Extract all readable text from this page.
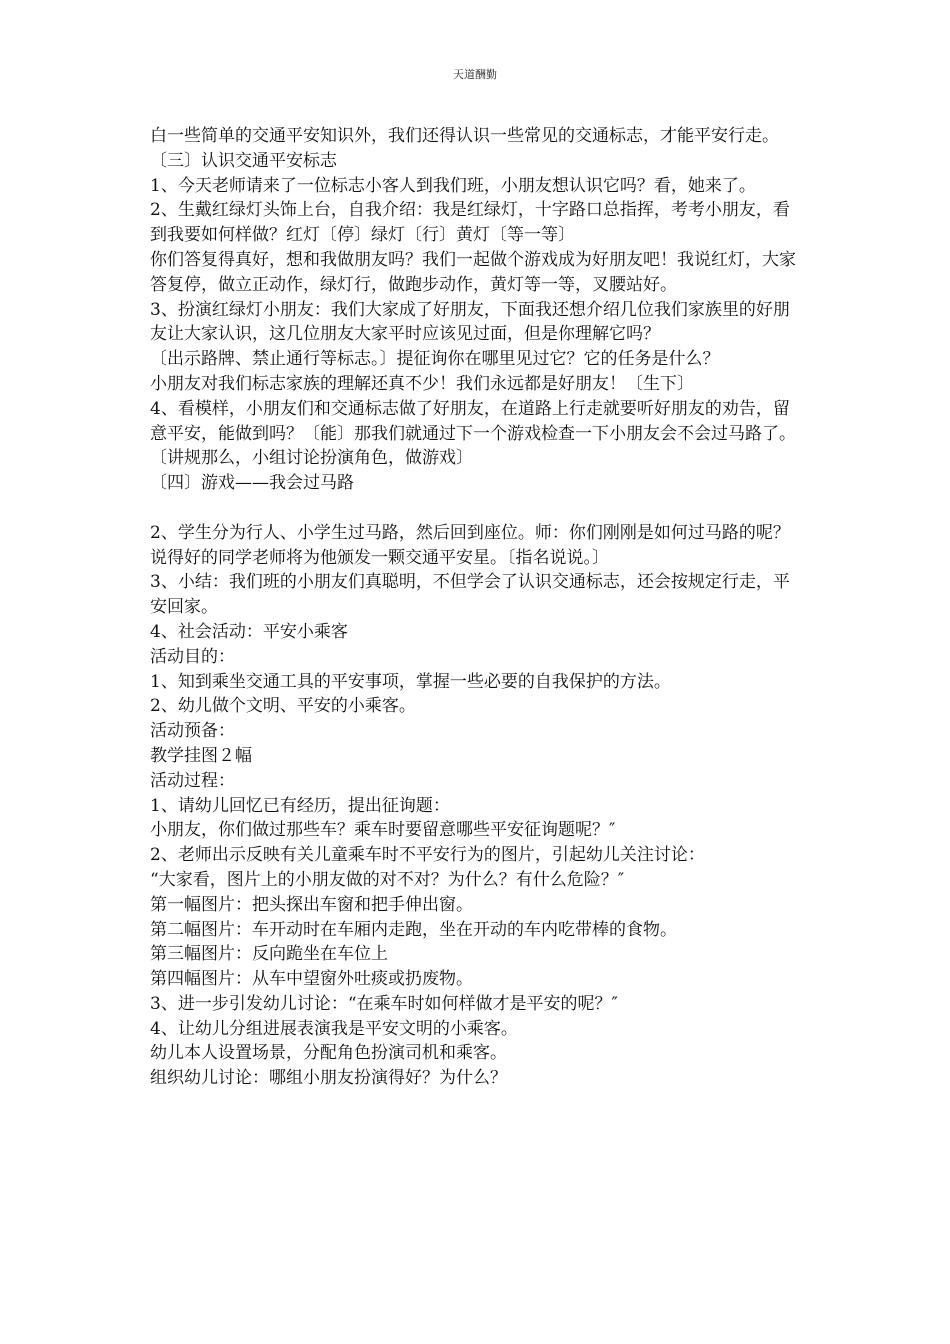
天道酬勤

白一些简单的交通平安知识外，我们还得认识一些常见的交通标志，才能平安行走。

〔三〕认识交通平安标志

1、今天老师请来了一位标志小客人到我们班，小朋友想认识它吗？看，她来了。

2、生戴红绿灯头饰上台，自我介绍：我是红绿灯，十字路口总指挥，考考小朋友，看到我要如何样做？红灯〔停〕绿灯〔行〕黄灯〔等一等〕

你们答复得真好，想和我做朋友吗？我们一起做个游戏成为好朋友吧！我说红灯，大家答复停，做立正动作，绿灯行，做跑步动作，黄灯等一等，叉腰站好。

3、扮演红绿灯小朋友：我们大家成了好朋友，下面我还想介绍几位我们家族里的好朋友让大家认识，这几位朋友大家平时应该见过面，但是你理解它吗？

〔出示路牌、禁止通行等标志。〕提征询你在哪里见过它？它的任务是什么？

小朋友对我们标志家族的理解还真不少！我们永远都是好朋友！〔生下〕

4、看模样，小朋友们和交通标志做了好朋友，在道路上行走就要听好朋友的劝告，留意平安，能做到吗？〔能〕那我们就通过下一个游戏检查一下小朋友会不会过马路了。〔讲规那么，小组讨论扮演角色，做游戏〕

〔四〕游戏——我会过马路

2、学生分为行人、小学生过马路，然后回到座位。师：你们刚刚是如何过马路的呢？说得好的同学老师将为他颁发一颗交通平安星。〔指名说说。〕

3、小结：我们班的小朋友们真聪明，不但学会了认识交通标志，还会按规定行走，平安回家。

4、社会活动：平安小乘客

活动目的：

1、知到乘坐交通工具的平安事项，掌握一些必要的自我保护的方法。

2、幼儿做个文明、平安的小乘客。

活动预备：

教学挂图２幅

活动过程：

1、请幼儿回忆已有经历，提出征询题：

小朋友，你们做过那些车？乘车时要留意哪些平安征询题呢？″

2、老师出示反映有关儿童乘车时不平安行为的图片，引起幼儿关注讨论：

“大家看，图片上的小朋友做的对不对？为什么？有什么危险？″

第一幅图片：把头探出车窗和把手伸出窗。

第二幅图片：车开动时在车厢内走跑，坐在开动的车内吃带棒的食物。

第三幅图片：反向跪坐在车位上

第四幅图片：从车中望窗外吐痰或扔废物。

3、进一步引发幼儿讨论：“在乘车时如何样做才是平安的呢？″

4、让幼儿分组进展表演我是平安文明的小乘客。

幼儿本人设置场景，分配角色扮演司机和乘客。

组织幼儿讨论：哪组小朋友扮演得好？为什么？
